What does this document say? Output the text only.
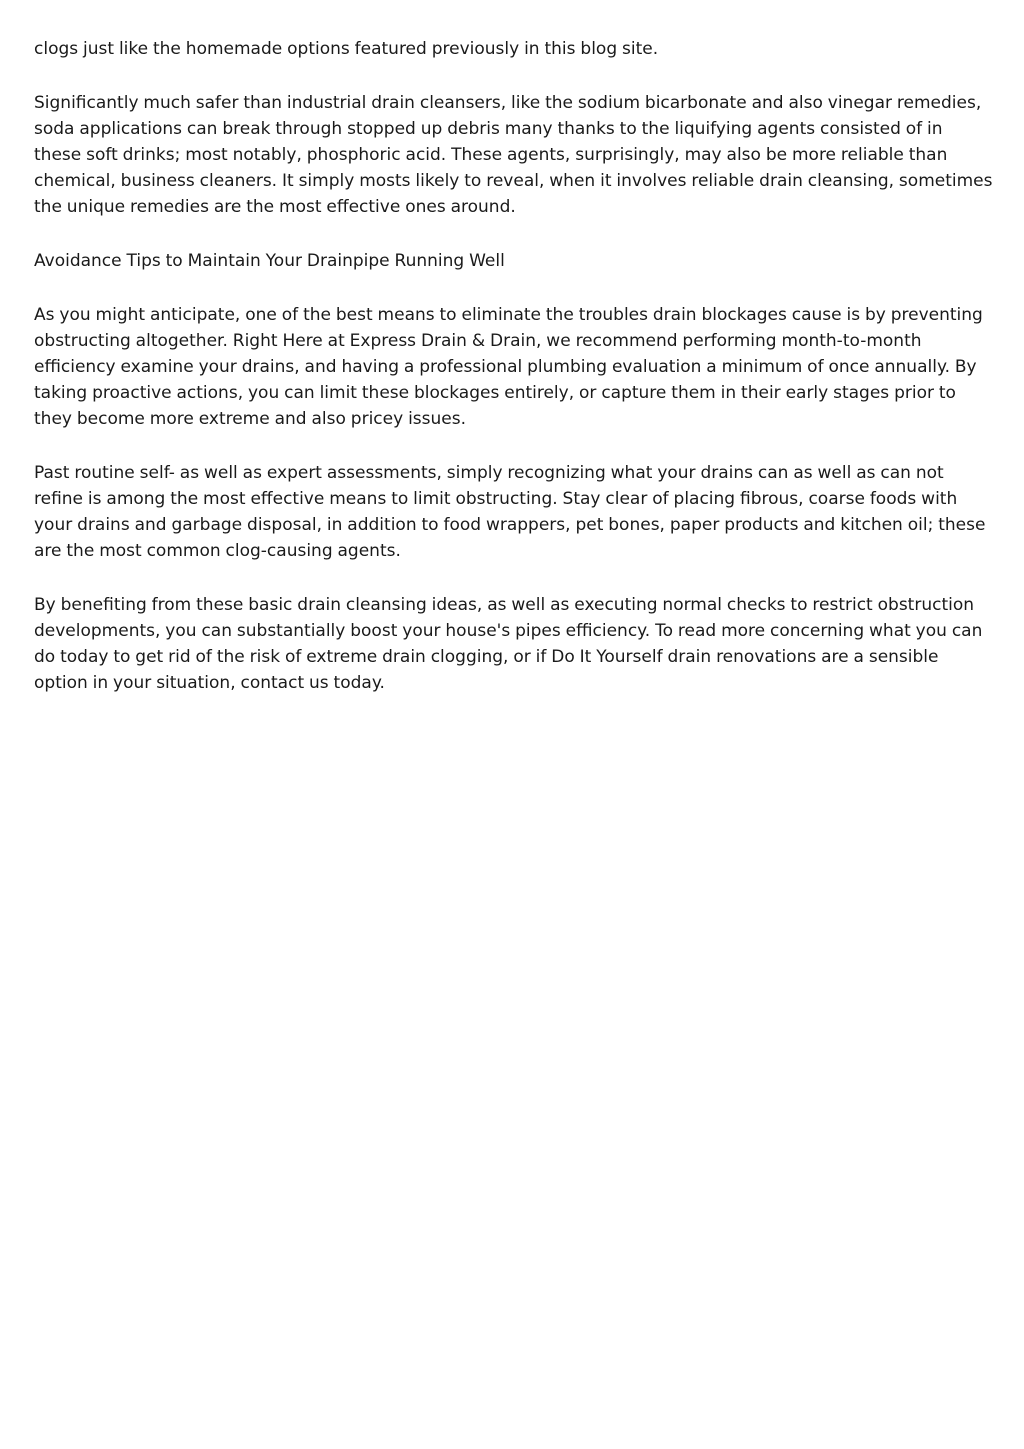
clogs just like the homemade options featured previously in this blog site.

Significantly much safer than industrial drain cleansers, like the sodium bicarbonate and also vinegar remedies, soda applications can break through stopped up debris many thanks to the liquifying agents consisted of in these soft drinks; most notably, phosphoric acid. These agents, surprisingly, may also be more reliable than chemical, business cleaners. It simply mosts likely to reveal, when it involves reliable drain cleansing, sometimes the unique remedies are the most effective ones around.

Avoidance Tips to Maintain Your Drainpipe Running Well

As you might anticipate, one of the best means to eliminate the troubles drain blockages cause is by preventing obstructing altogether. Right Here at Express Drain & Drain, we recommend performing month-to-month efficiency examine your drains, and having a professional plumbing evaluation a minimum of once annually. By taking proactive actions, you can limit these blockages entirely, or capture them in their early stages prior to they become more extreme and also pricey issues.

Past routine self- as well as expert assessments, simply recognizing what your drains can as well as can not refine is among the most effective means to limit obstructing. Stay clear of placing fibrous, coarse foods with your drains and garbage disposal, in addition to food wrappers, pet bones, paper products and kitchen oil; these are the most common clog-causing agents.

By benefiting from these basic drain cleansing ideas, as well as executing normal checks to restrict obstruction developments, you can substantially boost your house's pipes efficiency. To read more concerning what you can do today to get rid of the risk of extreme drain clogging, or if Do It Yourself drain renovations are a sensible option in your situation, contact us today.
